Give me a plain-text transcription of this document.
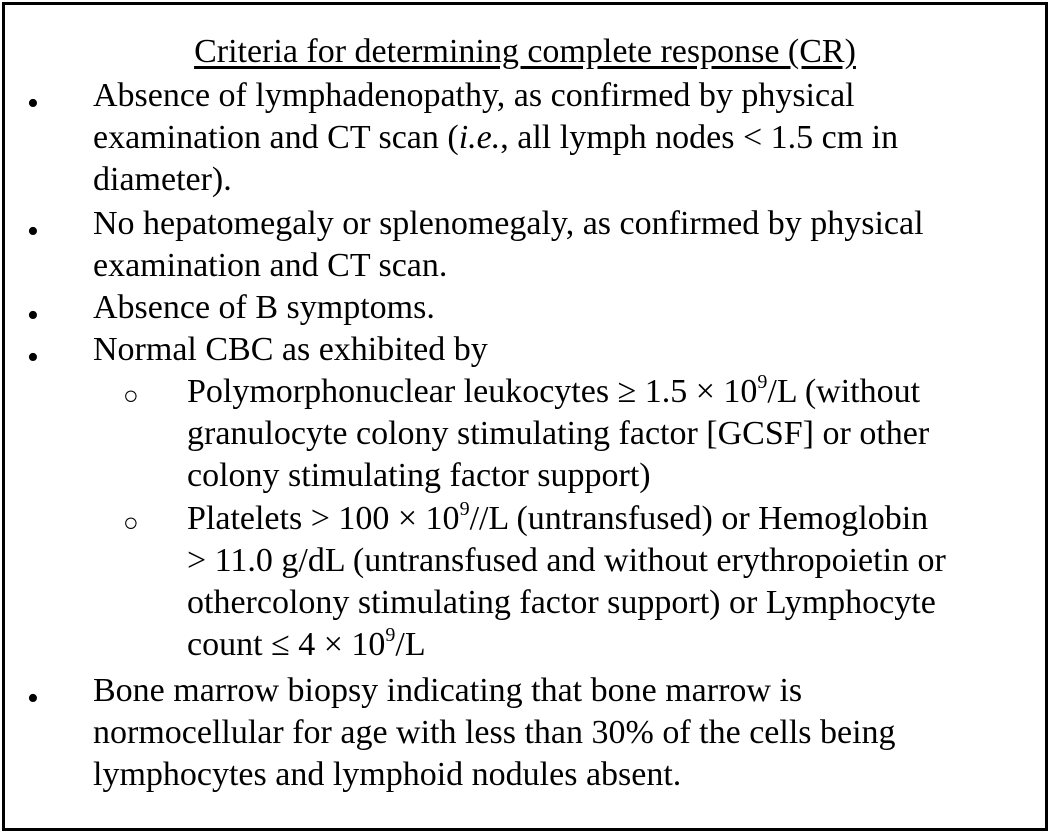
Criteria for determining complete response (CR)
• Absence of lymphadenopathy, as confirmed by physical
examination and CT scan (i.e., all lymph nodes < 1.5 cm in
diameter).
• No hepatomegaly or splenomegaly, as confirmed by physical
examination and CT scan.
• Absence of B symptoms.
• Normal CBC as exhibited by
○ Polymorphonuclear leukocytes ≥ $1.5 \times 10^9/L$ (without
granulocyte colony stimulating factor [GCSF] or other
colony stimulating factor support)
○ Platelets > $100 \times 10^9//L$ (untransfused) or Hemoglobin
> 11.0 g/dL (untransfused and without erythropoietin or
othercolony stimulating factor support) or Lymphocyte
count ≤ $4 \times 10^9/L$
• Bone marrow biopsy indicating that bone marrow is
normocellular for age with less than 30% of the cells being
lymphocytes and lymphoid nodules absent.
